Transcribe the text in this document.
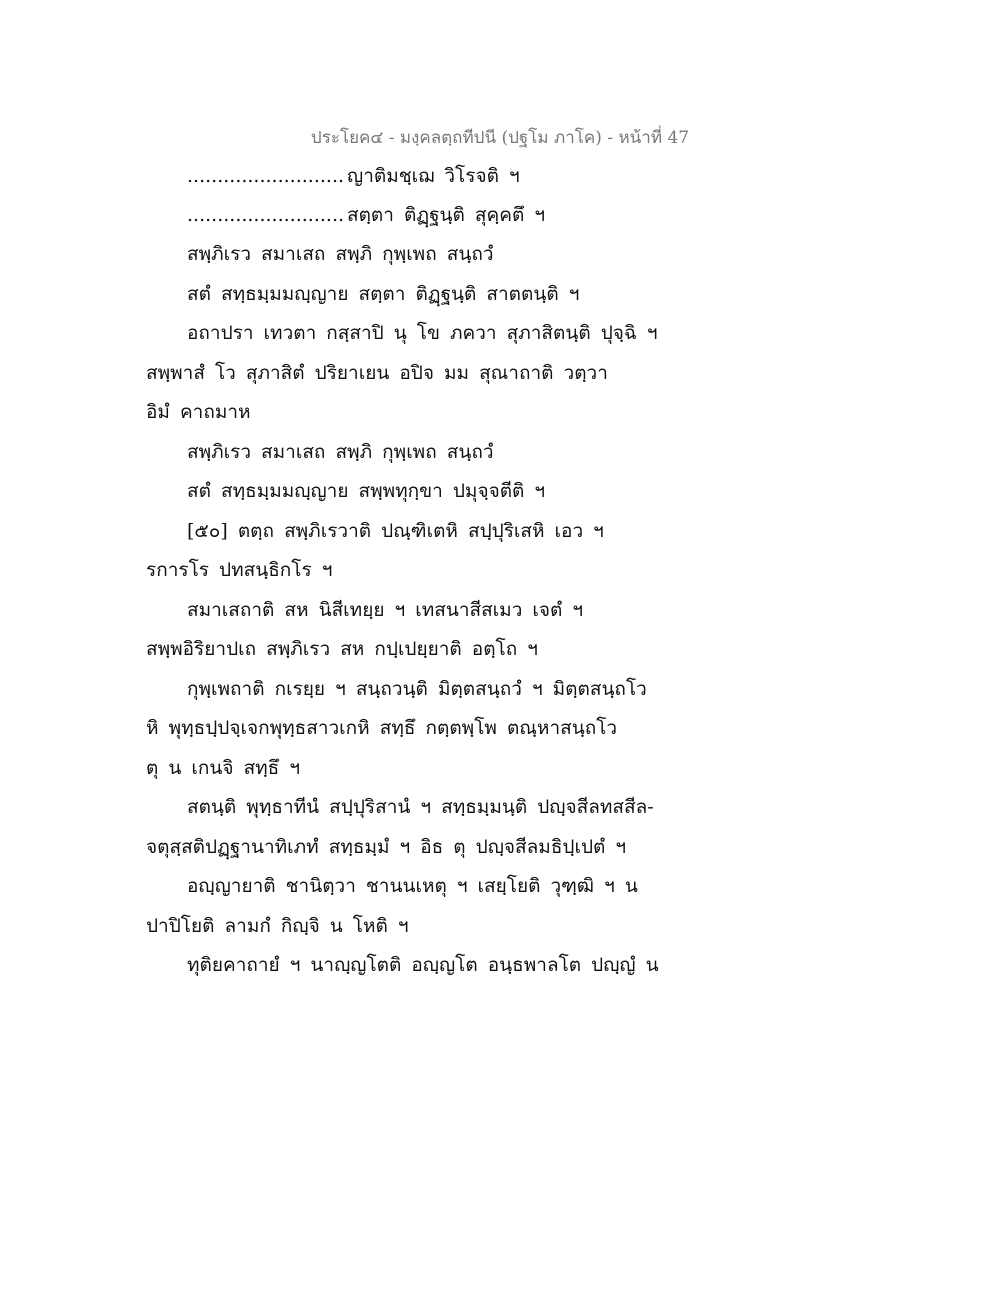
ประโยค๔ - มงฺคลตฺถทีปนี (ปฐโม ภาโค) - หน้าที่ 47
.......................... ญาติมชฺเฌ วิโรจติ ฯ
.......................... สตฺตา ติฏฺฐนฺติ สุคฺคตึ ฯ
สพฺภิเรว สมาเสถ สพฺภิ กุพฺเพถ สนฺถวํ
สตํ สทฺธมฺมมญฺญาย สตฺตา ติฏฺฐนฺติ สาตตนฺติ ฯ
อถาปรา เทวตา กสฺสาปิ นุ โข ภควา สุภาสิตนฺติ ปุจฺฉิ ฯ
สพฺพาสํ โว สุภาสิตํ ปริยาเยน อปิจ มม สุณาถาติ วตฺวา
อิมํ คาถมาห
สพฺภิเรว สมาเสถ สพฺภิ กุพฺเพถ สนฺถวํ
สตํ สทฺธมฺมมญฺญาย สพฺพทุกฺขา ปมุจฺจตีติ ฯ
[๕๐] ตตฺถ สพฺภิเรวาติ ปณฺฑิเตหิ สปฺปุริเสหิ เอว ฯ
รการโร ปทสนฺธิกโร ฯ
สมาเสถาติ สห นิสีเทยฺย ฯ เทสนาสีสเมว เจตํ ฯ
สพฺพอิริยาปเถ สพฺภิเรว สห กปฺเปยฺยาติ อตฺโถ ฯ
กุพฺเพถาติ กเรยฺย ฯ สนฺถวนฺติ มิตฺตสนฺถวํ ฯ มิตฺตสนฺถโว
หิ พุทฺธปฺปจฺเจกพุทฺธสาวเกหิ สทฺธึ กตฺตพฺโพ ตณฺหาสนฺถโว
ตุ น เกนจิ สทฺธึ ฯ
สตนฺติ พุทฺธาทีนํ สปฺปุริสานํ ฯ สทฺธมฺมนฺติ ปญฺจสีลทสสีล-
จตุสฺสติปฏฺฐานาทิเภทํ สทฺธมฺมํ ฯ อิธ ตุ ปญฺจสีลมธิปฺเปตํ ฯ
อญฺญายาติ ชานิตฺวา ชานนเหตุ ฯ เสยฺโยติ วุฑฺฒิ ฯ น
ปาปิโยติ ลามกํ กิญฺจิ น โหติ ฯ
ทุติยคาถายํ ฯ นาญฺญโตติ อญฺญโต อนฺธพาลโต ปญฺญํ น
